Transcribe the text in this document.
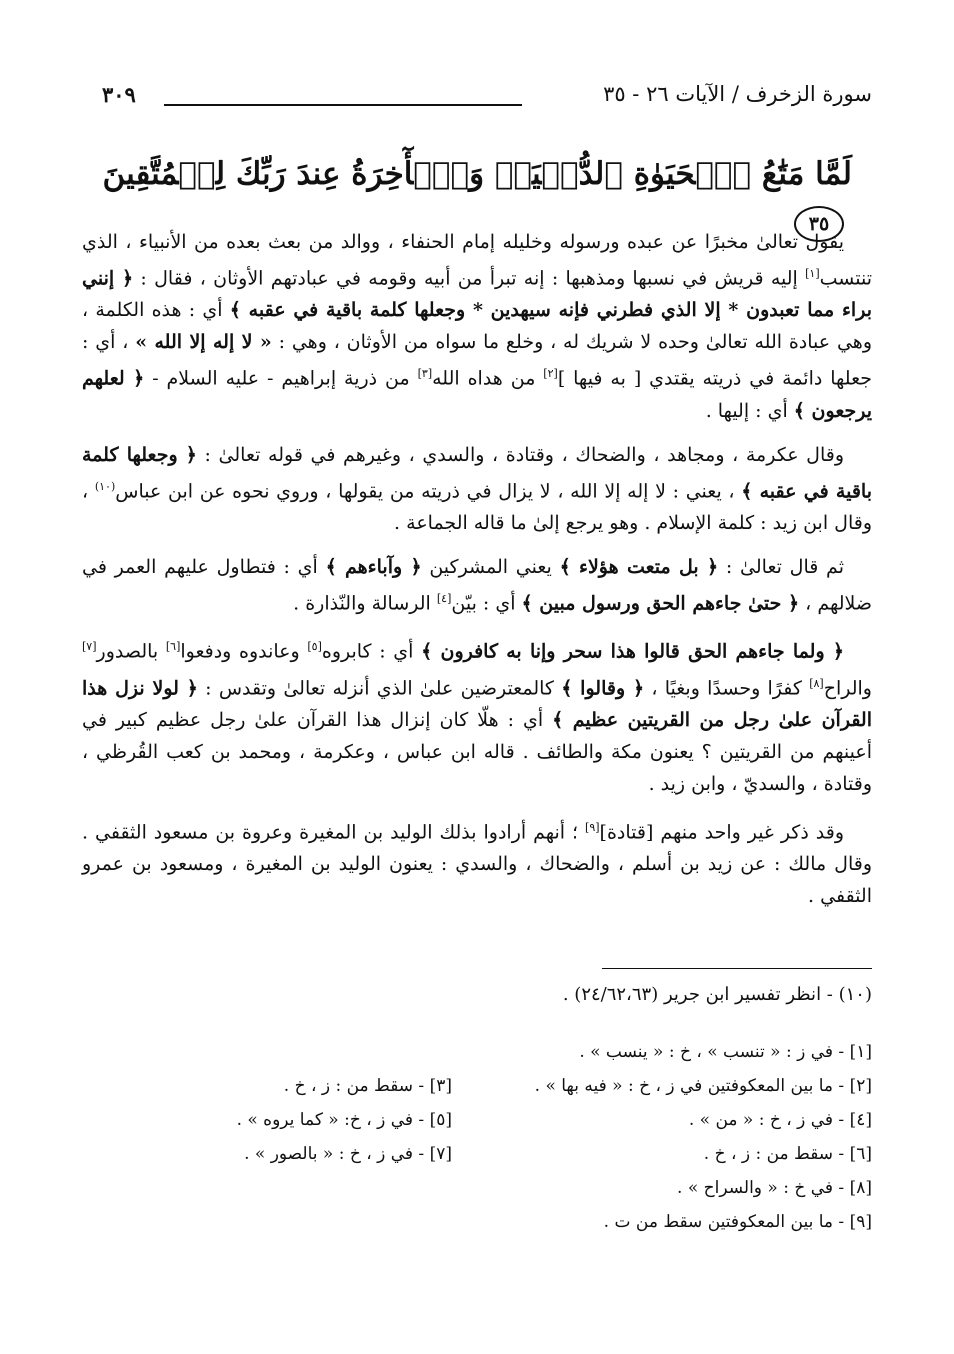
سورة الزخرف / الآيات ٢٦ - ٣٥
٣٠٩
لَمَّا مَتَٰعُ ٱلۡحَيَوٰةِ ٱلدُّنۡيَاۚ وَٱلۡأٓخِرَةُ عِندَ رَبِّكَ لِلۡمُتَّقِينَ ٣٥

يقول تعالىٰ مخبرًا عن عبده ورسوله وخليله إمام الحنفاء ، ووالد من بعث بعده من الأنبياء ، الذي تنتسب[١] إليه قريش في نسبها ومذهبها : إنه تبرأ من أبيه وقومه في عبادتهم الأوثان ، فقال : ﴿ إنني براء مما تعبدون * إلا الذي فطرني فإنه سيهدين * وجعلها كلمة باقية في عقبه ﴾ أي : هذه الكلمة ، وهي عبادة الله تعالىٰ وحده لا شريك له ، وخلع ما سواه من الأوثان ، وهي : « لا إله إلا الله » ، أي : جعلها دائمة في ذريته يقتدي [ به فيها ][٢] من هداه الله[٣] من ذرية إبراهيم - عليه السلام - ﴿ لعلهم يرجعون ﴾ أي : إليها .

وقال عكرمة ، ومجاهد ، والضحاك ، وقتادة ، والسدي ، وغيرهم في قوله تعالىٰ : ﴿ وجعلها كلمة باقية في عقبه ﴾ ، يعني : لا إله إلا الله ، لا يزال في ذريته من يقولها ، وروي نحوه عن ابن عباس$^{(١٠)}$ ، وقال ابن زيد : كلمة الإسلام . وهو يرجع إلىٰ ما قاله الجماعة .

ثم قال تعالىٰ : ﴿ بل متعت هؤلاء ﴾ يعني المشركين ﴿ وآباءهم ﴾ أي : فتطاول عليهم العمر في ضلالهم ، ﴿ حتىٰ جاءهم الحق ورسول مبين ﴾ أي : بيّن[٤] الرسالة والنّذارة .

﴿ ولما جاءهم الحق قالوا هذا سحر وإنا به كافرون ﴾ أي : كابروه[٥] وعاندوه ودفعوا[٦] بالصدور[٧] والراح[٨] كفرًا وحسدًا وبغيًا ، ﴿ وقالوا ﴾ كالمعترضين علىٰ الذي أنزله تعالىٰ وتقدس : ﴿ لولا نزل هذا القرآن علىٰ رجل من القريتين عظيم ﴾ أي : هلّا كان إنزال هذا القرآن علىٰ رجل عظيم كبير في أعينهم من القريتين ؟ يعنون مكة والطائف . قاله ابن عباس ، وعكرمة ، ومحمد بن كعب القُرظي ، وقتادة ، والسديّ ، وابن زيد .

وقد ذكر غير واحد منهم [قتادة][٩] ؛ أنهم أرادوا بذلك الوليد بن المغيرة وعروة بن مسعود الثقفي . وقال مالك : عن زيد بن أسلم ، والضحاك ، والسدي : يعنون الوليد بن المغيرة ، ومسعود بن عمرو الثقفي .

(١٠) - انظر تفسير ابن جرير (٢٤/٦٢،٦٣) .
[١] - في ز : « تنسب » ، خ : « ينسب » .
[٢] - ما بين المعكوفتين في ز ، خ : « فيه بها » .
[٤] - في ز ، خ : « من » .
[٦] - سقط من : ز ، خ .
[٨] - في خ : « والسراح » .
[٩] - ما بين المعكوفتين سقط من ت .
[٣] - سقط من : ز ، خ .
[٥] - في ز ، خ: « كما يروه » .
[٧] - في ز ، خ : « بالصور » .
